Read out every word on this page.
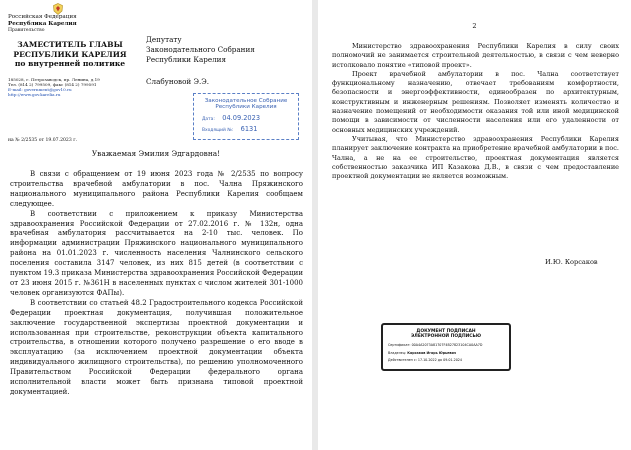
Российская Федерация
Республика Карелия
Правительство
ЗАМЕСТИТЕЛЬ ГЛАВЫ
РЕСПУБЛИКИ КАРЕЛИЯ
по внутренней политике
185028, г. Петрозаводск, пр. Ленина, д.19
Тел. (814 2) 799509, факс (814 2) 799591
E-mail: government@gov10.ru
http://www.gov.karelia.ru
на № 2/2535 от 19.07.2023 г.
Депутату
Законодательного Собрания
Республики Карелия
Слабуновой Э.Э.
Законодательное Собрание
Республики Карелия
Дата: 04.09.2023
Входящий №: 6131
Уважаемая Эмилия Эдгардовна!

В связи с обращением от 19 июня 2023 года № 2/2535 по вопросу строительства врачебной амбулатории в пос. Чална Пряжинского национального муниципального района Республики Карелия сообщаем следующее.

В соответствии с приложением к приказу Министерства здравоохранения Российской Федерации от 27.02.2016 г. № 132н, одна врачебная амбулатория рассчитывается на 2-10 тыс. человек. По информации администрации Пряжинского национального муниципального района на 01.01.2023 г. численность населения Чалнинского сельского поселения составила 3147 человек, из них 815 детей (в соответствии с пунктом 19.3 приказа Министерства здравоохранения Российской Федерации от 23 июня 2015 г. №361Н в населенных пунктах с числом жителей 301-1000 человек организуются ФАПы).

В соответствии со статьей 48.2 Градостроительного кодекса Российской Федерации проектная документация, получившая положительное заключение государственной экспертизы проектной документации и использованная при строительстве, реконструкции объекта капитального строительства, в отношении которого получено разрешение о его вводе в эксплуатацию (за исключением проектной документации объекта индивидуального жилищного строительства), по решению уполномоченного Правительством Российской Федерации федерального органа исполнительной власти может быть признана типовой проектной документацией.

2

Министерство здравоохранения Республики Карелия в силу своих полномочий не занимается строительной деятельностью, в связи с чем неверно истолковало понятие «типовой проект».

Проект врачебной амбулатории в пос. Чална соответствует функциональному назначению, отвечает требованиям комфортности, безопасности и энергоэффективности, единообразен по архитектурным, конструктивным и инженерным решениям. Позволяет изменять количество и назначение помещений от необходимости оказания той или иной медицинской помощи в зависимости от численности населения или его удаленности от основных медицинских учреждений.

Учитывая, что Министерство здравоохранения Республики Карелия планирует заключение контракта на приобретение врачебной амбулатории в пос. Чална, а не на ее строительство, проектная документация является собственностью заказчика ИП Казакова Д.В., в связи с чем предоставление проектной документации не является возможным.

И.Ю. Корсаков
ДОКУМЕНТ ПОДПИСАН
ЭЛЕКТРОННОЙ ПОДПИСЬЮ
Сертификат: 00A4A2073A81707F4B27823104CA0AA7D
Владелец: Корсаков Игорь Юрьевич
Действителен с: 17.10.2022 до 09.01.2024
